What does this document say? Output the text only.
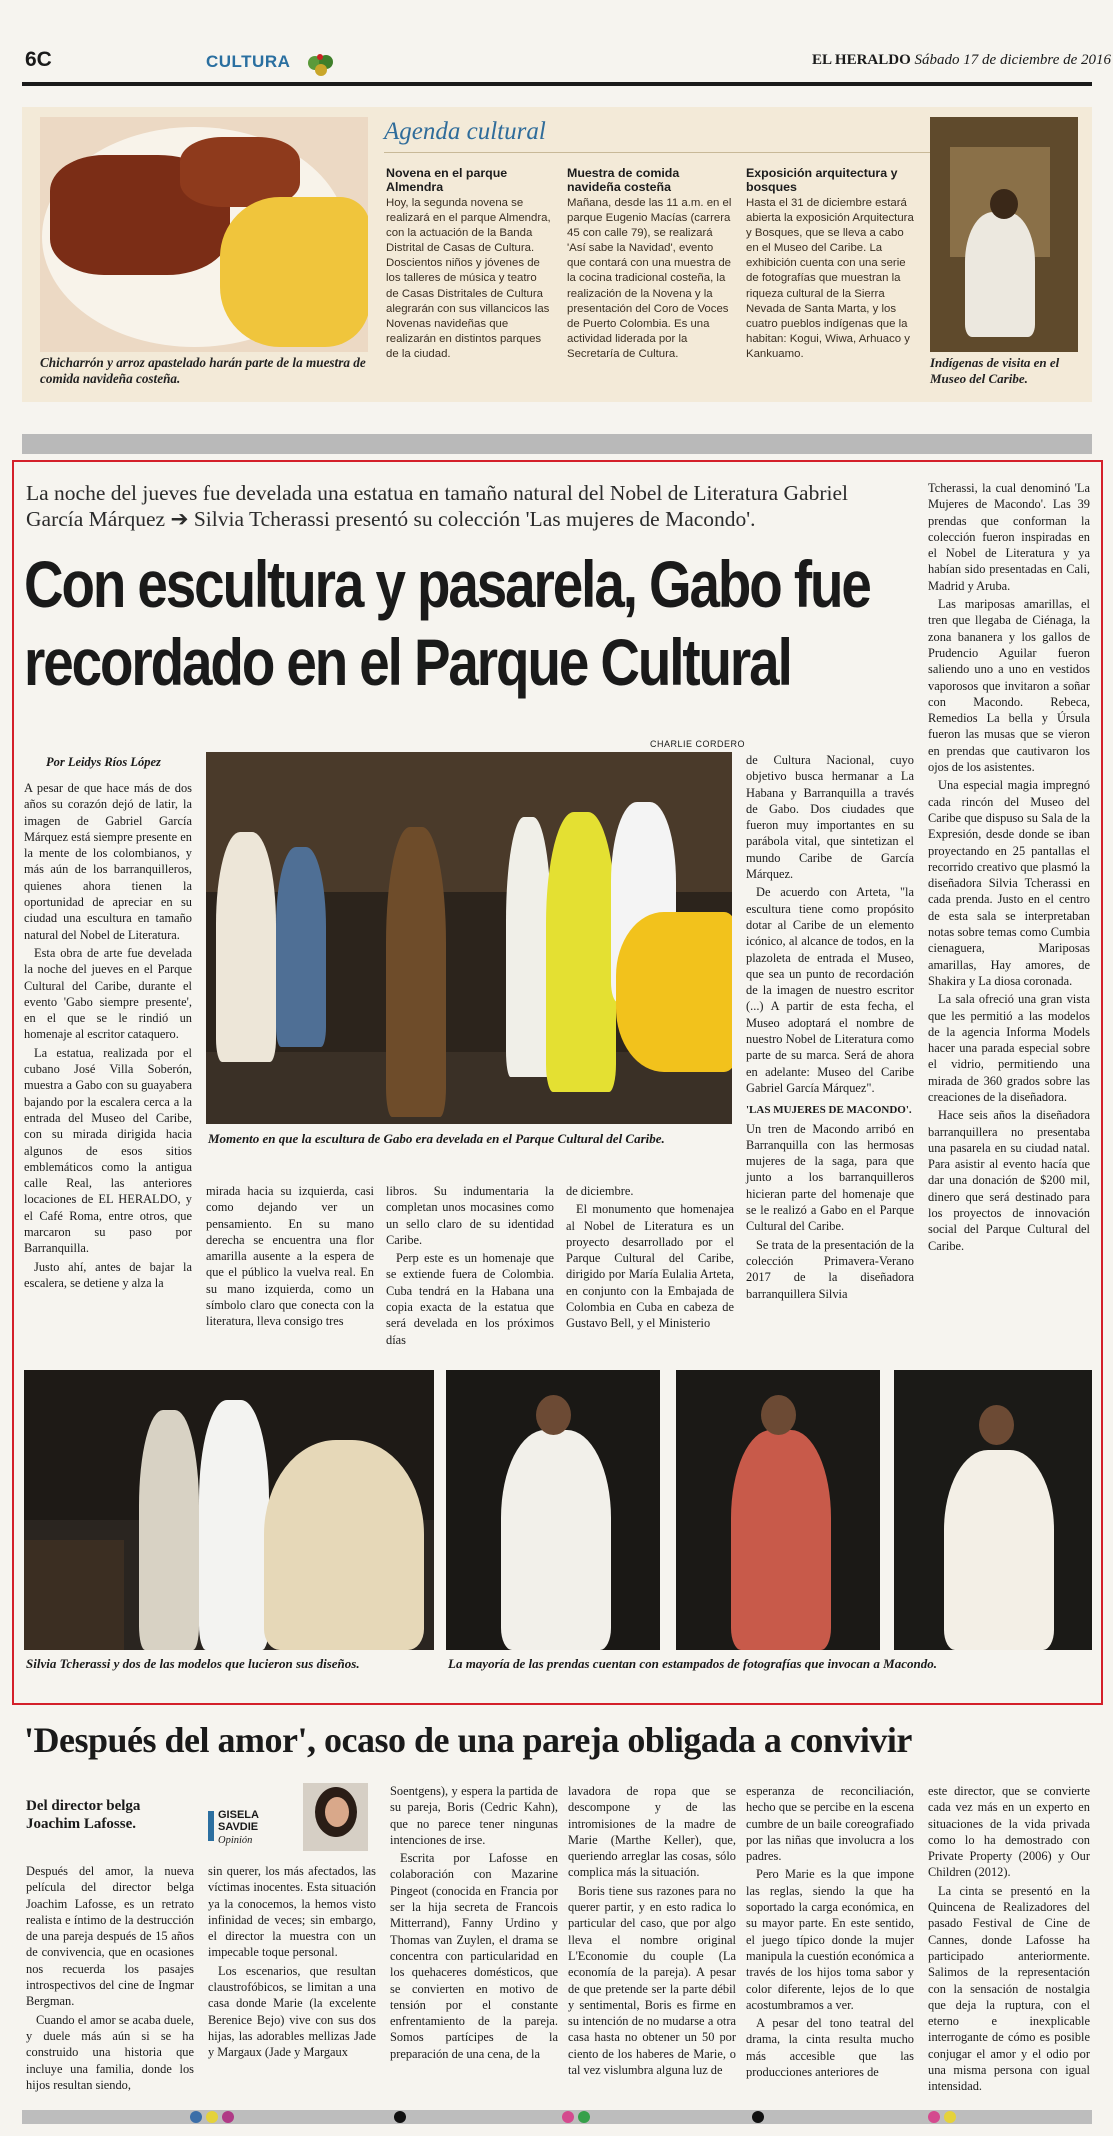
6C	CULTURA	EL HERALDO Sábado 17 de diciembre de 2016
Chicharrón y arroz apastelado harán parte de la muestra de comida navideña costeña.
Agenda cultural
Novena en el parque Almendra
Hoy, la segunda novena se realizará en el parque Almendra, con la actuación de la Banda Distrital de Casas de Cultura. Doscientos niños y jóvenes de los talleres de música y teatro de Casas Distritales de Cultura alegrarán con sus villancicos las Novenas navideñas que realizarán en distintos parques de la ciudad.
Muestra de comida navideña costeña
Mañana, desde las 11 a.m. en el parque Eugenio Macías (carrera 45 con calle 79), se realizará 'Así sabe la Navidad', evento que contará con una muestra de la cocina tradicional costeña, la realización de la Novena y la presentación del Coro de Voces de Puerto Colombia. Es una actividad liderada por la Secretaría de Cultura.
Exposición arquitectura y bosques
Hasta el 31 de diciembre estará abierta la exposición Arquitectura y Bosques, que se lleva a cabo en el Museo del Caribe. La exhibición cuenta con una serie de fotografías que muestran la riqueza cultural de la Sierra Nevada de Santa Marta, y los cuatro pueblos indígenas que la habitan: Kogui, Wiwa, Arhuaco y Kankuamo.
Indígenas de visita en el Museo del Caribe.
La noche del jueves fue develada una estatua en tamaño natural del Nobel de Literatura Gabriel García Márquez ➔ Silvia Tcherassi presentó su colección 'Las mujeres de Macondo'.
Con escultura y pasarela, Gabo fue recordado en el Parque Cultural
Por Leidys Ríos López

A pesar de que hace más de dos años su corazón dejó de latir, la imagen de Gabriel García Márquez está siempre presente en la mente de los colombianos, y más aún de los barranquilleros, quienes ahora tienen la oportunidad de apreciar en su ciudad una escultura en tamaño natural del Nobel de Literatura.

Esta obra de arte fue develada la noche del jueves en el Parque Cultural del Caribe, durante el evento 'Gabo siempre presente', en el que se le rindió un homenaje al escritor cataquero.

La estatua, realizada por el cubano José Villa Soberón, muestra a Gabo con su guayabera bajando por la escalera cerca a la entrada del Museo del Caribe, con su mirada dirigida hacia algunos de esos sitios emblemáticos como la antigua calle Real, las anteriores locaciones de EL HERALDO, y el Café Roma, entre otros, que marcaron su paso por Barranquilla.

Justo ahí, antes de bajar la escalera, se detiene y alza la

CHARLIE CORDERO
Momento en que la escultura de Gabo era develada en el Parque Cultural del Caribe.

mirada hacia su izquierda, casi como dejando ver un pensamiento. En su mano derecha se encuentra una flor amarilla ausente a la espera de que el público la vuelva real. En su mano izquierda, como un símbolo claro que conecta con la literatura, lleva consigo tres

libros. Su indumentaria la completan unos mocasines como un sello claro de su identidad Caribe.

Perp este es un homenaje que se extiende fuera de Colombia. Cuba tendrá en la Habana una copia exacta de la estatua que será develada en los próximos días

de diciembre.

El monumento que homenajea al Nobel de Literatura es un proyecto desarrollado por el Parque Cultural del Caribe, dirigido por María Eulalia Arteta, en conjunto con la Embajada de Colombia en Cuba en cabeza de Gustavo Bell, y el Ministerio

de Cultura Nacional, cuyo objetivo busca hermanar a La Habana y Barranquilla a través de Gabo. Dos ciudades que fueron muy importantes en su parábola vital, que sintetizan el mundo Caribe de García Márquez.

De acuerdo con Arteta, "la escultura tiene como propósito dotar al Caribe de un elemento icónico, al alcance de todos, en la plazoleta de entrada el Museo, que sea un punto de recordación de la imagen de nuestro escritor (...) A partir de esta fecha, el Museo adoptará el nombre de nuestro Nobel de Literatura como parte de su marca. Será de ahora en adelante: Museo del Caribe Gabriel García Márquez".

'LAS MUJERES DE MACONDO'.

Un tren de Macondo arribó en Barranquilla con las hermosas mujeres de la saga, para que junto a los barranquilleros hicieran parte del homenaje que se le realizó a Gabo en el Parque Cultural del Caribe.

Se trata de la presentación de la colección Primavera-Verano 2017 de la diseñadora barranquillera Silvia

Tcherassi, la cual denominó 'La Mujeres de Macondo'. Las 39 prendas que conforman la colección fueron inspiradas en el Nobel de Literatura y ya habían sido presentadas en Cali, Madrid y Aruba.

Las mariposas amarillas, el tren que llegaba de Ciénaga, la zona bananera y los gallos de Prudencio Aguilar fueron saliendo uno a uno en vestidos vaporosos que invitaron a soñar con Macondo. Rebeca, Remedios La bella y Úrsula fueron las musas que se vieron en prendas que cautivaron los ojos de los asistentes.

Una especial magia impregnó cada rincón del Museo del Caribe que dispuso su Sala de la Expresión, desde donde se iban proyectando en 25 pantallas el recorrido creativo que plasmó la diseñadora Silvia Tcherassi en cada prenda. Justo en el centro de esta sala se interpretaban notas sobre temas como Cumbia cienaguera, Mariposas amarillas, Hay amores, de Shakira y La diosa coronada.

La sala ofreció una gran vista que les permitió a las modelos de la agencia Informa Models hacer una parada especial sobre el vidrio, permitiendo una mirada de 360 grados sobre las creaciones de la diseñadora.

Hace seis años la diseñadora barranquillera no presentaba una pasarela en su ciudad natal. Para asistir al evento hacía que dar una donación de $200 mil, dinero que será destinado para los proyectos de innovación social del Parque Cultural del Caribe.

Silvia Tcherassi y dos de las modelos que lucieron sus diseños.	La mayoría de las prendas cuentan con estampados de fotografías que invocan a Macondo.
'Después del amor', ocaso de una pareja obligada a convivir
Del director belga Joachim Lafosse.
GISELA SAVDIE
Opinión

Después del amor, la nueva película del director belga Joachim Lafosse, es un retrato realista e íntimo de la destrucción de una pareja después de 15 años de convivencia, que en ocasiones nos recuerda los pasajes introspectivos del cine de Ingmar Bergman.

Cuando el amor se acaba duele, y duele más aún si se ha construido una historia que incluye una familia, donde los hijos resultan siendo,

sin querer, los más afectados, las víctimas inocentes. Esta situación ya la conocemos, la hemos visto infinidad de veces; sin embargo, el director la muestra con un impecable toque personal.

Los escenarios, que resultan claustrofóbicos, se limitan a una casa donde Marie (la excelente Berenice Bejo) vive con sus dos hijas, las adorables mellizas Jade y Margaux (Jade y Margaux

Soentgens), y espera la partida de su pareja, Boris (Cedric Kahn), que no parece tener ningunas intenciones de irse.

Escrita por Lafosse en colaboración con Mazarine Pingeot (conocida en Francia por ser la hija secreta de Francois Mitterrand), Fanny Urdino y Thomas van Zuylen, el drama se concentra con particularidad en los quehaceres domésticos, que se convierten en motivo de tensión por el constante enfrentamiento de la pareja. Somos partícipes de la preparación de una cena, de la

lavadora de ropa que se descompone y de las intromisiones de la madre de Marie (Marthe Keller), que, queriendo arreglar las cosas, sólo complica más la situación.

Boris tiene sus razones para no querer partir, y en esto radica lo particular del caso, que por algo lleva el nombre original L'Economie du couple (La economía de la pareja). A pesar de que pretende ser la parte débil y sentimental, Boris es firme en su intención de no mudarse a otra casa hasta no obtener un 50 por ciento de los haberes de Marie, o tal vez vislumbra alguna luz de

esperanza de reconciliación, hecho que se percibe en la escena cumbre de un baile coreografiado por las niñas que involucra a los padres.

Pero Marie es la que impone las reglas, siendo la que ha soportado la carga económica, en su mayor parte. En este sentido, el juego típico donde la mujer manipula la cuestión económica a través de los hijos toma sabor y color diferente, lejos de lo que acostumbramos a ver.

A pesar del tono teatral del drama, la cinta resulta mucho más accesible que las producciones anteriores de

este director, que se convierte cada vez más en un experto en situaciones de la vida privada como lo ha demostrado con Private Property (2006) y Our Children (2012).

La cinta se presentó en la Quincena de Realizadores del pasado Festival de Cine de Cannes, donde Lafosse ha participado anteriormente. Salimos de la representación con la sensación de nostalgia que deja la ruptura, con el eterno e inexplicable interrogante de cómo es posible conjugar el amor y el odio por una misma persona con igual intensidad.
